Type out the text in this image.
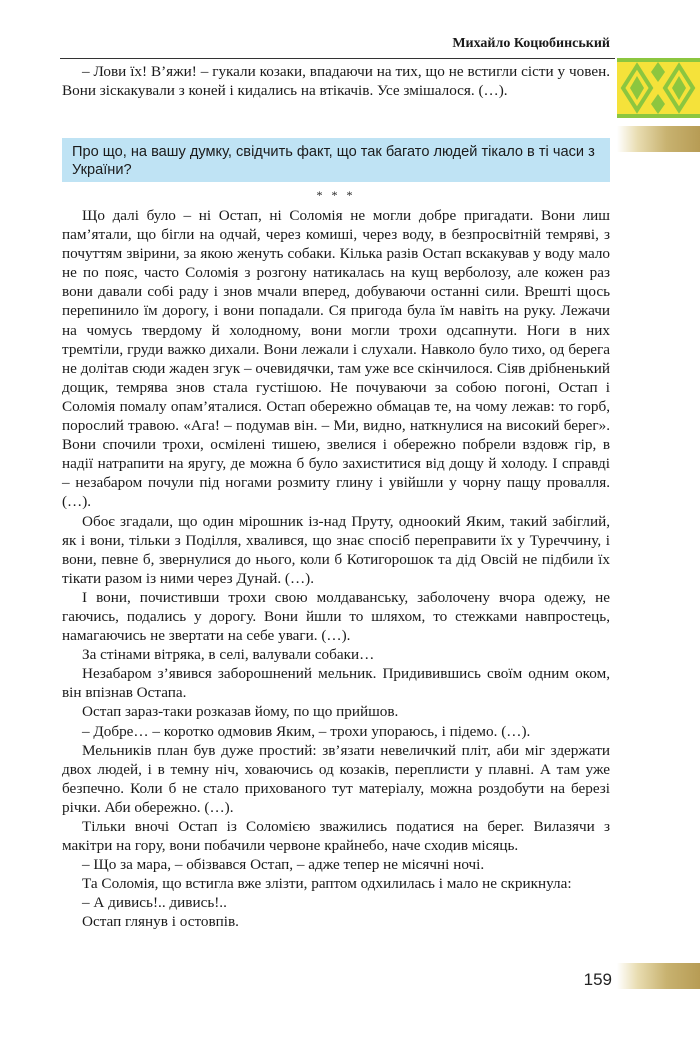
Михайло Коцюбинський

– Лови їх! В’яжи! – гукали козаки, впадаючи на тих, що не встигли сісти у човен. Вони зіскакували з коней і кидались на втікачів. Усе змішалося. (…).

Про що, на вашу думку, свідчить факт, що так багато людей тікало в ті часи з України?
* * *

Що далі було – ні Остап, ні Соломія не могли добре пригадати. Вони лиш пам’ятали, що бігли на одчай, через комиші, через воду, в безпросвітній темряві, з почуттям звірини, за якою женуть собаки. Кілька разів Остап вскакував у воду мало не по пояс, часто Соломія з розгону натикалась на кущ верболозу, але кожен раз вони давали собі раду і знов мчали вперед, добуваючи останні сили. Врешті щось перепинило їм дорогу, і вони попадали. Ся пригода була їм навіть на руку. Лежачи на чомусь твердому й холодному, вони могли трохи одсапнути. Ноги в них тремтіли, груди важко дихали. Вони лежали і слухали. Навколо було тихо, од берега не долітав сюди жаден згук – очевидячки, там уже все скінчилося. Сіяв дрібненький дощик, темрява знов стала густішою. Не почуваючи за собою погоні, Остап і Соломія помалу опам’яталися. Остап обережно обмацав те, на чому лежав: то горб, порослий травою. «Ага! – подумав він. – Ми, видно, наткнулися на високий берег». Вони спочили трохи, осмілені тишею, звелися і обережно побрели вздовж гір, в надії натрапити на яругу, де можна б було захиститися від дощу й холоду. І справді – незабаром почули під ногами розмиту глину і увійшли у чорну пащу провалля. (…).

Обоє згадали, що один мірошник із-над Пруту, одноокий Яким, такий забіглий, як і вони, тільки з Поділля, хвалився, що знає спосіб переправити їх у Туреччину, і вони, певне б, звернулися до нього, коли б Котигорошок та дід Овсій не підбили їх тікати разом із ними через Дунай. (…).

І вони, почистивши трохи свою молдаванську, заболочену вчора одежу, не гаючись, подались у дорогу. Вони йшли то шляхом, то стежками навпростець, намагаючись не звертати на себе уваги. (…).

За стінами вітряка, в селі, валували собаки…

Незабаром з’явився заборошнений мельник. Придивившись своїм одним оком, він впізнав Остапа.

Остап зараз-таки розказав йому, по що прийшов.

– Добре… – коротко одмовив Яким, – трохи упораюсь, і підемо. (…).

Мельників план був дуже простий: зв’язати невеличкий пліт, аби міг здержати двох людей, і в темну ніч, ховаючись од козаків, переплисти у плавні. А там уже безпечно. Коли б не стало прихованого тут матеріалу, можна роздобути на березі річки. Аби обережно. (…).

Тільки вночі Остап із Соломією зважились податися на берег. Вилазячи з макітри на гору, вони побачили червоне крайнебо, наче сходив місяць.

– Що за мара, – обізвався Остап, – адже тепер не місячні ночі.

Та Соломія, що встигла вже злізти, раптом одхилилась і мало не скрикнула:

– А дивись!.. дивись!..

Остап глянув і остовпів.

159
